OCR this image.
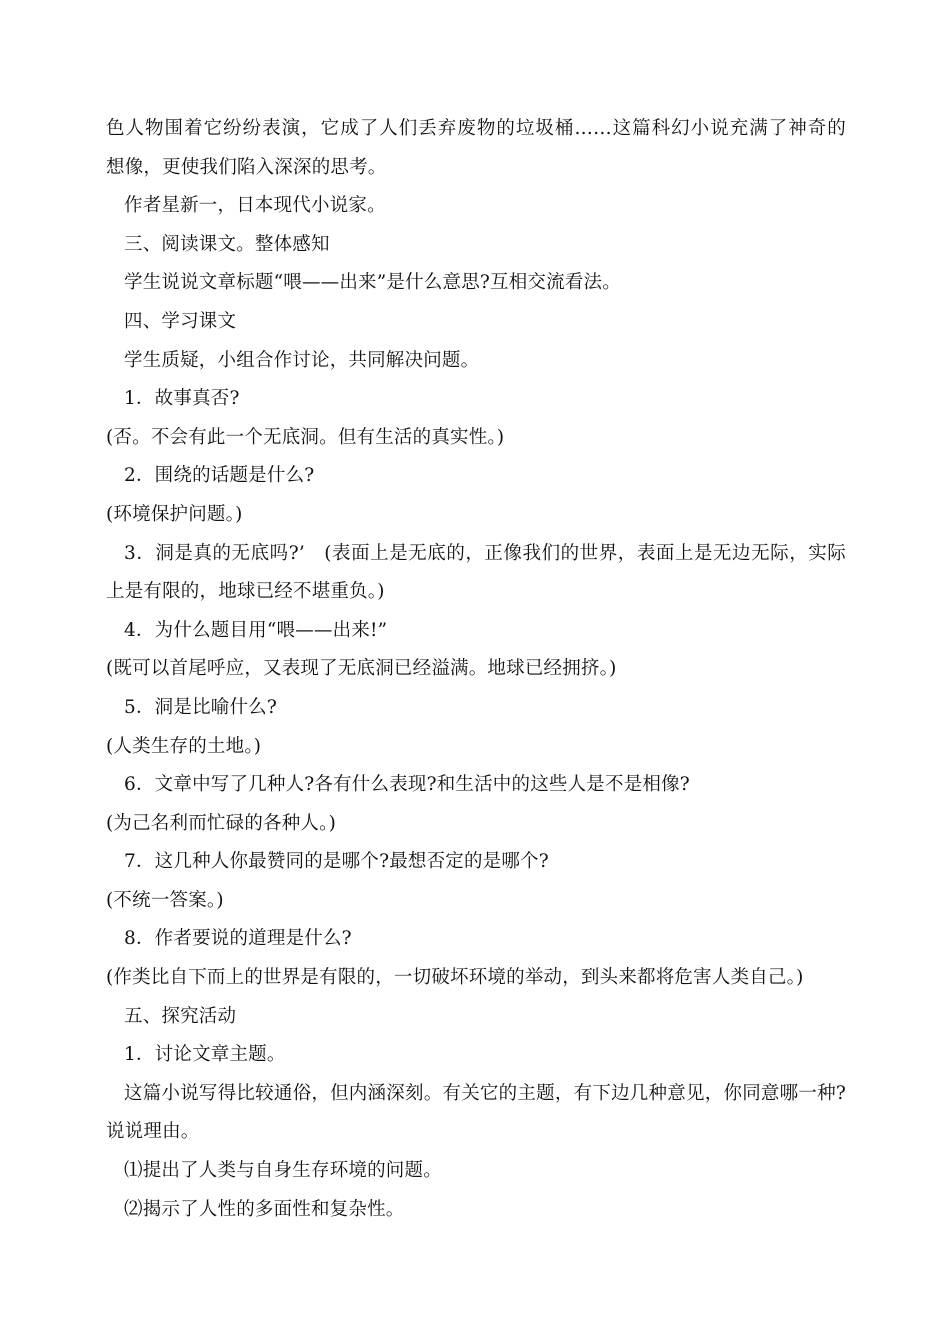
色人物围着它纷纷表演，它成了人们丢弃废物的垃圾桶……这篇科幻小说充满了神奇的
想像，更使我们陷入深深的思考。
作者星新一，日本现代小说家。
三、阅读课文。整体感知
学生说说文章标题“喂——出来”是什么意思?互相交流看法。
四、学习课文
学生质疑，小组合作讨论，共同解决问题。
1．故事真否?
(否。不会有此一个无底洞。但有生活的真实性。)
2．围绕的话题是什么?
(环境保护问题。)
3．洞是真的无底吗?’　(表面上是无底的，正像我们的世界，表面上是无边无际，实际
上是有限的，地球已经不堪重负。)
4．为什么题目用“喂——出来!”
(既可以首尾呼应，又表现了无底洞已经溢满。地球已经拥挤。)
5．洞是比喻什么?
(人类生存的土地。)
6．文章中写了几种人?各有什么表现?和生活中的这些人是不是相像?
(为己名利而忙碌的各种人。)
7．这几种人你最赞同的是哪个?最想否定的是哪个?
(不统一答案。)
8．作者要说的道理是什么?
(作类比自下而上的世界是有限的，一切破坏环境的举动，到头来都将危害人类自己。)
五、探究活动
1．讨论文章主题。
这篇小说写得比较通俗，但内涵深刻。有关它的主题，有下边几种意见，你同意哪一种?
说说理由。
⑴提出了人类与自身生存环境的问题。
⑵揭示了人性的多面性和复杂性。
